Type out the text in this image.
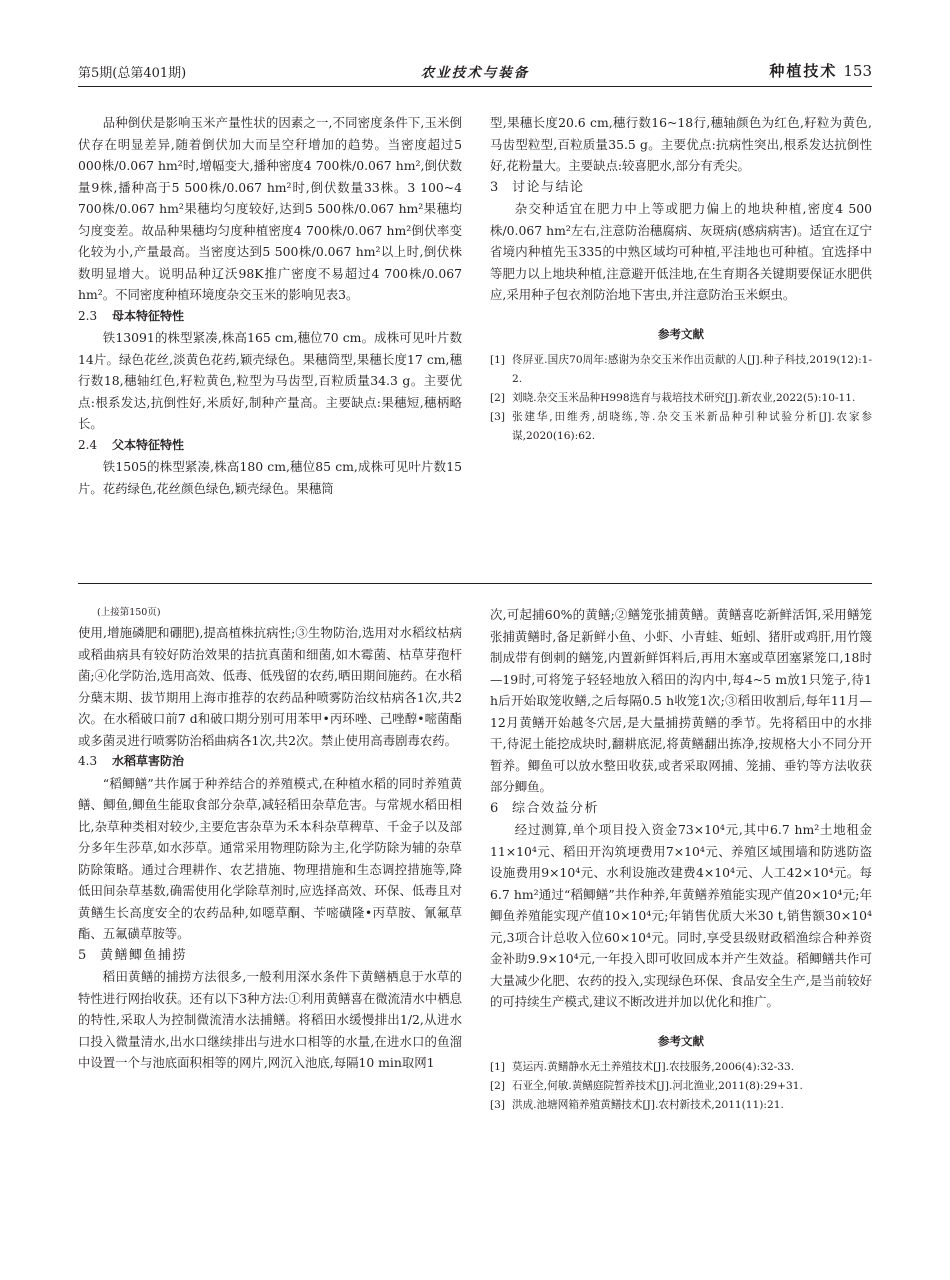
第5期(总第401期)	农业技术与装备	种植技术 153

品种倒伏是影响玉米产量性状的因素之一,不同密度条件下,玉米倒伏存在明显差异,随着倒伏加大而呈空秆增加的趋势。当密度超过5 000株/0.067 hm²时,增幅变大,播种密度4 700株/0.067 hm²,倒伏数量9株,播种高于5 500株/0.067 hm²时,倒伏数量33株。3 100~4 700株/0.067 hm²果穗均匀度较好,达到5 500株/0.067 hm²果穗均匀度变差。故品种果穗均匀度种植密度4 700株/0.067 hm²倒伏率变化较为小,产量最高。当密度达到5 500株/0.067 hm²以上时,倒伏株数明显增大。说明品种辽沃98K推广密度不易超过4 700株/0.067 hm²。不同密度种植环境度杂交玉米的影响见表3。

2.3 母本特征特性

铁13091的株型紧凑,株高165 cm,穗位70 cm。成株可见叶片数14片。绿色花丝,淡黄色花药,颖壳绿色。果穗筒型,果穗长度17 cm,穗行数18,穗轴红色,籽粒黄色,粒型为马齿型,百粒质量34.3 g。主要优点:根系发达,抗倒性好,米质好,制种产量高。主要缺点:果穗短,穗柄略长。

2.4 父本特征特性

铁1505的株型紧凑,株高180 cm,穗位85 cm,成株可见叶片数15片。花药绿色,花丝颜色绿色,颖壳绿色。果穗筒

型,果穗长度20.6 cm,穗行数16~18行,穗轴颜色为红色,籽粒为黄色,马齿型粒型,百粒质量35.5 g。主要优点:抗病性突出,根系发达抗倒性好,花粉量大。主要缺点:较喜肥水,部分有秃尖。

3 讨论与结论

杂交种适宜在肥力中上等或肥力偏上的地块种植,密度4 500株/0.067 hm²左右,注意防治穗腐病、灰斑病(感病病害)。适宜在辽宁省境内种植先玉335的中熟区域均可种植,平洼地也可种植。宜选择中等肥力以上地块种植,注意避开低洼地,在生育期各关键期要保证水肥供应,采用种子包衣剂防治地下害虫,并注意防治玉米螟虫。

参考文献
[1] 佟屏亚.国庆70周年:感谢为杂交玉米作出贡献的人[J].种子科技,2019(12):1-2.
[2] 刘晓.杂交玉米品种H998选育与栽培技术研究[J].新农业,2022(5):10-11.
[3] 张建华,田维秀,胡晓练,等.杂交玉米新品种引种试验分析[J].农家参谋,2020(16):62.
(上接第150页)

使用,增施磷肥和硼肥),提高植株抗病性;③生物防治,选用对水稻纹枯病或稻曲病具有较好防治效果的拮抗真菌和细菌,如木霉菌、枯草芽孢杆菌;④化学防治,选用高效、低毒、低残留的农药,晒田期间施药。在水稻分蘖末期、拔节期用上海市推荐的农药品种喷雾防治纹枯病各1次,共2次。在水稻破口前7 d和破口期分别可用苯甲•丙环唑、己唑醇•嘧菌酯或多菌灵进行喷雾防治稻曲病各1次,共2次。禁止使用高毒剧毒农药。

4.3 水稻草害防治

“稻鲫鳝”共作属于种养结合的养殖模式,在种植水稻的同时养殖黄鳝、鲫鱼,鲫鱼生能取食部分杂草,减轻稻田杂草危害。与常规水稻田相比,杂草种类相对较少,主要危害杂草为禾本科杂草稗草、千金子以及部分多年生莎草,如水莎草。通常采用物理防除为主,化学防除为辅的杂草防除策略。通过合理耕作、农艺措施、物理措施和生态调控措施等,降低田间杂草基数,确需使用化学除草剂时,应选择高效、环保、低毒且对黄鳝生长高度安全的农药品种,如噁草酮、苄嘧磺隆•丙草胺、氰氟草酯、五氟磺草胺等。

5 黄鳝鲫鱼捕捞

稻田黄鳝的捕捞方法很多,一般利用深水条件下黄鳝栖息于水草的特性进行网抬收获。还有以下3种方法:①利用黄鳝喜在微流清水中栖息的特性,采取人为控制微流清水法捕鳝。将稻田水缓慢排出1/2,从进水口投入微量清水,出水口继续排出与进水口相等的水量,在进水口的鱼溜中设置一个与池底面积相等的网片,网沉入池底,每隔10 min取网1

次,可起捕60%的黄鳝;②鳝笼张捕黄鳝。黄鳝喜吃新鲜活饵,采用鳝笼张捕黄鳝时,备足新鲜小鱼、小虾、小青蛙、蚯蚓、猪肝或鸡肝,用竹篾制成带有倒刺的鳝笼,内置新鲜饵料后,再用木塞或草团塞紧笼口,18时—19时,可将笼子轻轻地放入稻田的沟内中,每4~5 m放1只笼子,待1 h后开始取笼收鳝,之后每隔0.5 h收笼1次;③稻田收割后,每年11月—12月黄鳝开始越冬穴居,是大量捕捞黄鳝的季节。先将稻田中的水排干,待泥土能挖成块时,翻耕底泥,将黄鳝翻出拣净,按规格大小不同分开暂养。鲫鱼可以放水整田收获,或者采取网捕、笼捕、垂钓等方法收获部分鲫鱼。

6 综合效益分析

经过测算,单个项目投入资金73×10⁴元,其中6.7 hm²土地租金11×10⁴元、稻田开沟筑埂费用7×10⁴元、养殖区域围墙和防逃防盗设施费用9×10⁴元、水利设施改建费4×10⁴元、人工42×10⁴元。每6.7 hm²通过“稻鲫鳝”共作种养,年黄鳝养殖能实现产值20×10⁴元;年鲫鱼养殖能实现产值10×10⁴元;年销售优质大米30 t,销售额30×10⁴元,3项合计总收入位60×10⁴元。同时,享受县级财政稻渔综合种养资金补助9.9×10⁴元,一年投入即可收回成本并产生效益。稻鲫鳝共作可大量减少化肥、农药的投入,实现绿色环保、食品安全生产,是当前较好的可持续生产模式,建议不断改进并加以优化和推广。

参考文献
[1] 莫运丙.黄鳝静水无土养殖技术[J].农技服务,2006(4):32-33.
[2] 石亚全,何敏.黄鳝庭院暂养技术[J].河北渔业,2011(8):29+31.
[3] 洪成.池塘网箱养殖黄鳝技术[J].农村新技术,2011(11):21.
